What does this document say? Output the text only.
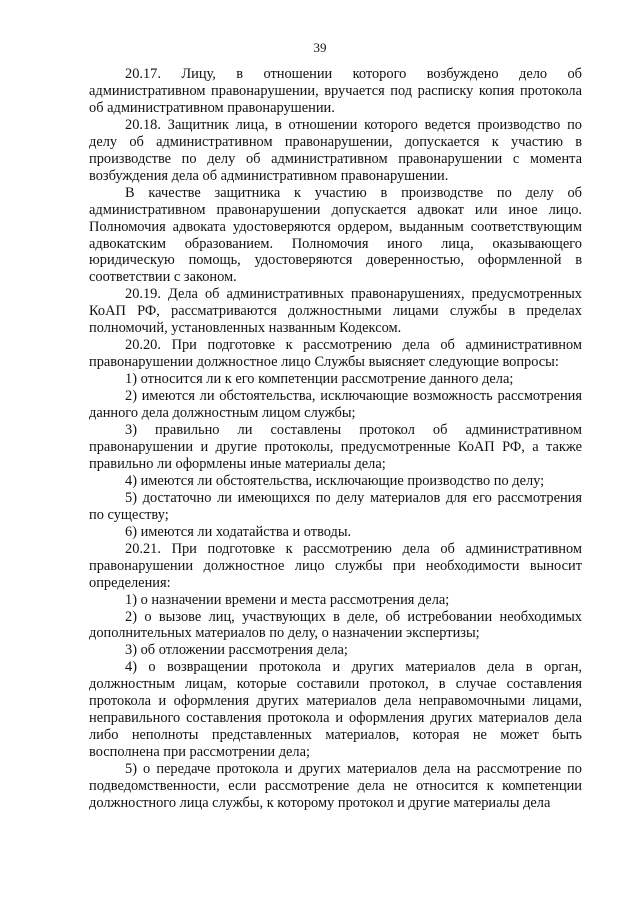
39

20.17. Лицу, в отношении которого возбуждено дело об административном правонарушении, вручается под расписку копия протокола об административном правонарушении.

20.18. Защитник лица, в отношении которого ведется производство по делу об административном правонарушении, допускается к участию в производстве по делу об административном правонарушении с момента возбуждения дела об административном правонарушении.

В качестве защитника к участию в производстве по делу об административном правонарушении допускается адвокат или иное лицо. Полномочия адвоката удостоверяются ордером, выданным соответствующим адвокатским образованием. Полномочия иного лица, оказывающего юридическую помощь, удостоверяются доверенностью, оформленной в соответствии с законом.

20.19. Дела об административных правонарушениях, предусмотренных КоАП РФ, рассматриваются должностными лицами службы в пределах полномочий, установленных названным Кодексом.

20.20. При подготовке к рассмотрению дела об административном правонарушении должностное лицо Службы выясняет следующие вопросы:

1) относится ли к его компетенции рассмотрение данного дела;

2) имеются ли обстоятельства, исключающие возможность рассмотрения данного дела должностным лицом службы;

3) правильно ли составлены протокол об административном правонарушении и другие протоколы, предусмотренные КоАП РФ, а также правильно ли оформлены иные материалы дела;

4) имеются ли обстоятельства, исключающие производство по делу;

5) достаточно ли имеющихся по делу материалов для его рассмотрения по существу;

6) имеются ли ходатайства и отводы.

20.21. При подготовке к рассмотрению дела об административном правонарушении должностное лицо службы при необходимости выносит определения:

1) о назначении времени и места рассмотрения дела;

2) о вызове лиц, участвующих в деле, об истребовании необходимых дополнительных материалов по делу, о назначении экспертизы;

3) об отложении рассмотрения дела;

4) о возвращении протокола и других материалов дела в орган, должностным лицам, которые составили протокол, в случае составления протокола и оформления других материалов дела неправомочными лицами, неправильного составления протокола и оформления других материалов дела либо неполноты представленных материалов, которая не может быть восполнена при рассмотрении дела;

5) о передаче протокола и других материалов дела на рассмотрение по подведомственности, если рассмотрение дела не относится к компетенции должностного лица службы, к которому протокол и другие материалы дела
